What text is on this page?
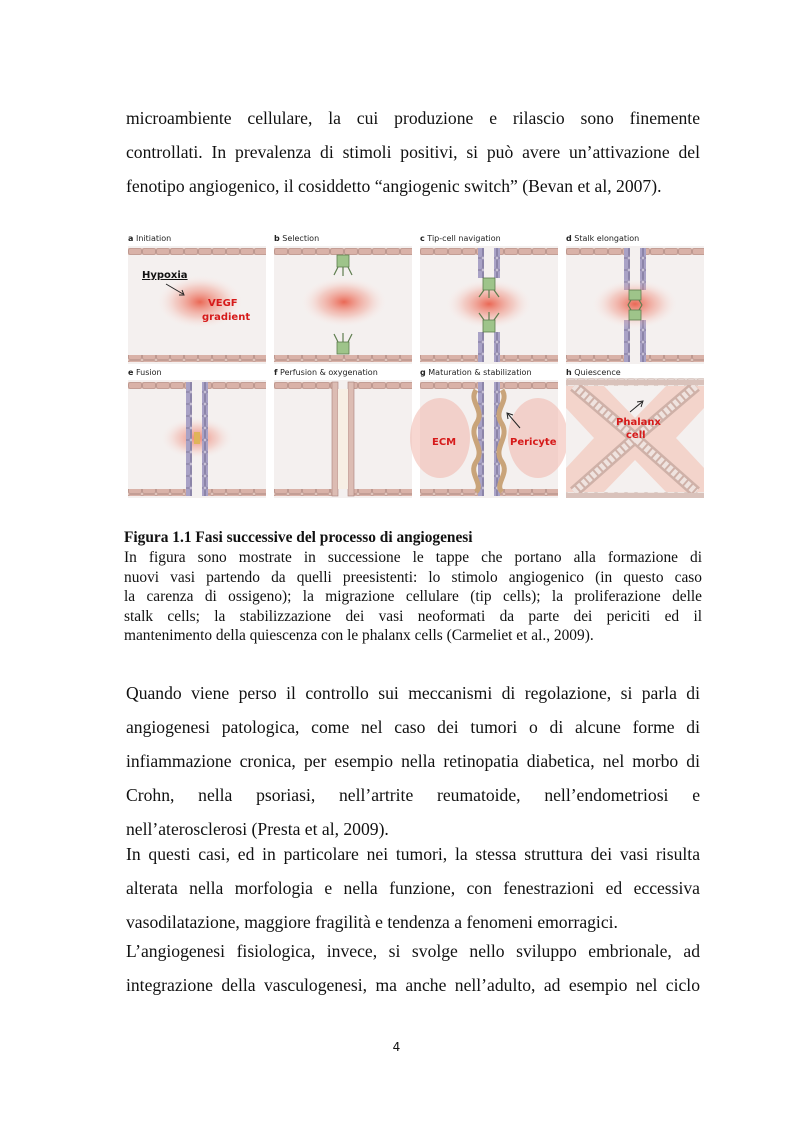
microambiente cellulare, la cui produzione e rilascio sono finemente
controllati. In prevalenza di stimoli positivi, si può avere un’attivazione del
fenotipo angiogenico, il cosiddetto “angiogenic switch” (Bevan et al, 2007).

a Initiation
Hypoxia
VEGF
gradient
b Selection	c Tip-cell navigation	d Stalk elongation
e Fusion	f Perfusion & oxygenation	g Maturation & stabilization
ECM	Pericyte
h Quiescence
Phalanx
cell

Figura 1.1 Fasi successive del processo di angiogenesi

In figura sono mostrate in successione le tappe che portano alla formazione di
nuovi vasi partendo da quelli preesistenti: lo stimolo angiogenico (in questo caso
la carenza di ossigeno); la migrazione cellulare (tip cells); la proliferazione delle
stalk cells; la stabilizzazione dei vasi neoformati da parte dei periciti ed il
mantenimento della quiescenza con le phalanx cells (Carmeliet et al., 2009).

Quando viene perso il controllo sui meccanismi di regolazione, si parla di
angiogenesi patologica, come nel caso dei tumori o di alcune forme di
infiammazione cronica, per esempio nella retinopatia diabetica, nel morbo di
Crohn, nella psoriasi, nell’artrite reumatoide, nell’endometriosi e
nell’aterosclerosi (Presta et al, 2009).

In questi casi, ed in particolare nei tumori, la stessa struttura dei vasi risulta
alterata nella morfologia e nella funzione, con fenestrazioni ed eccessiva
vasodilatazione, maggiore fragilità e tendenza a fenomeni emorragici.

L’angiogenesi fisiologica, invece, si svolge nello sviluppo embrionale, ad
integrazione della vasculogenesi, ma anche nell’adulto, ad esempio nel ciclo

4
